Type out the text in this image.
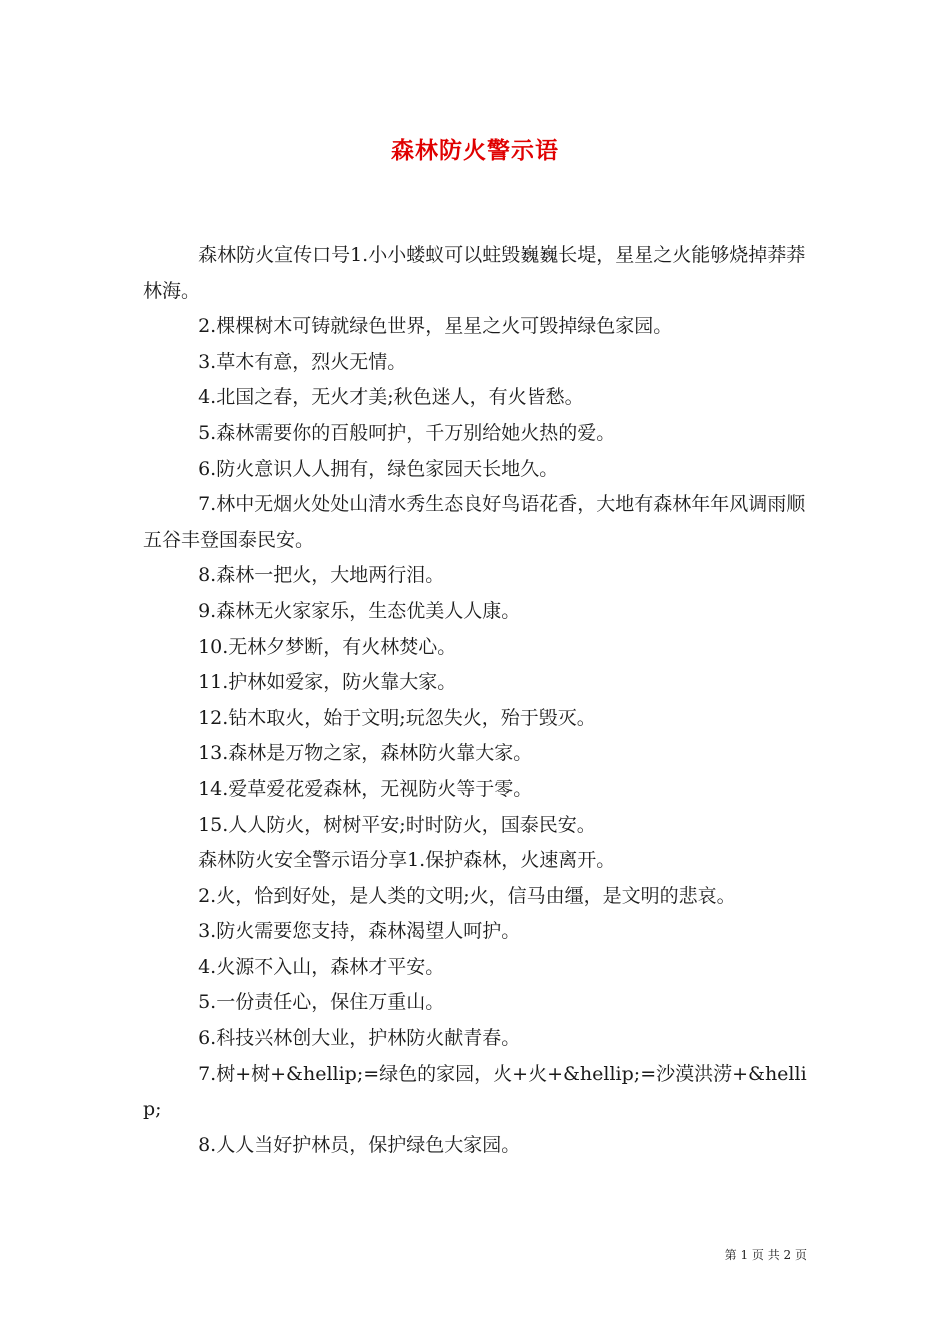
森林防火警示语

森林防火宣传口号1.小小蝼蚁可以蛀毁巍巍长堤，星星之火能够烧掉莽莽林海。

2.棵棵树木可铸就绿色世界，星星之火可毁掉绿色家园。

3.草木有意，烈火无情。

4.北国之春，无火才美;秋色迷人，有火皆愁。

5.森林需要你的百般呵护，千万别给她火热的爱。

6.防火意识人人拥有，绿色家园天长地久。

7.林中无烟火处处山清水秀生态良好鸟语花香，大地有森林年年风调雨顺五谷丰登国泰民安。

8.森林一把火，大地两行泪。

9.森林无火家家乐，生态优美人人康。

10.无林夕梦断，有火林焚心。

11.护林如爱家，防火靠大家。

12.钻木取火，始于文明;玩忽失火，殆于毁灭。

13.森林是万物之家，森林防火靠大家。

14.爱草爱花爱森林，无视防火等于零。

15.人人防火，树树平安;时时防火，国泰民安。

森林防火安全警示语分享1.保护森林，火速离开。

2.火，恰到好处，是人类的文明;火，信马由缰，是文明的悲哀。

3.防火需要您支持，森林渴望人呵护。

4.火源不入山，森林才平安。

5.一份责任心，保住万重山。

6.科技兴林创大业，护林防火献青春。

7.树+树+&hellip;=绿色的家园，火+火+&hellip;=沙漠洪涝+&hellip;

8.人人当好护林员，保护绿色大家园。

第 1 页 共 2 页
